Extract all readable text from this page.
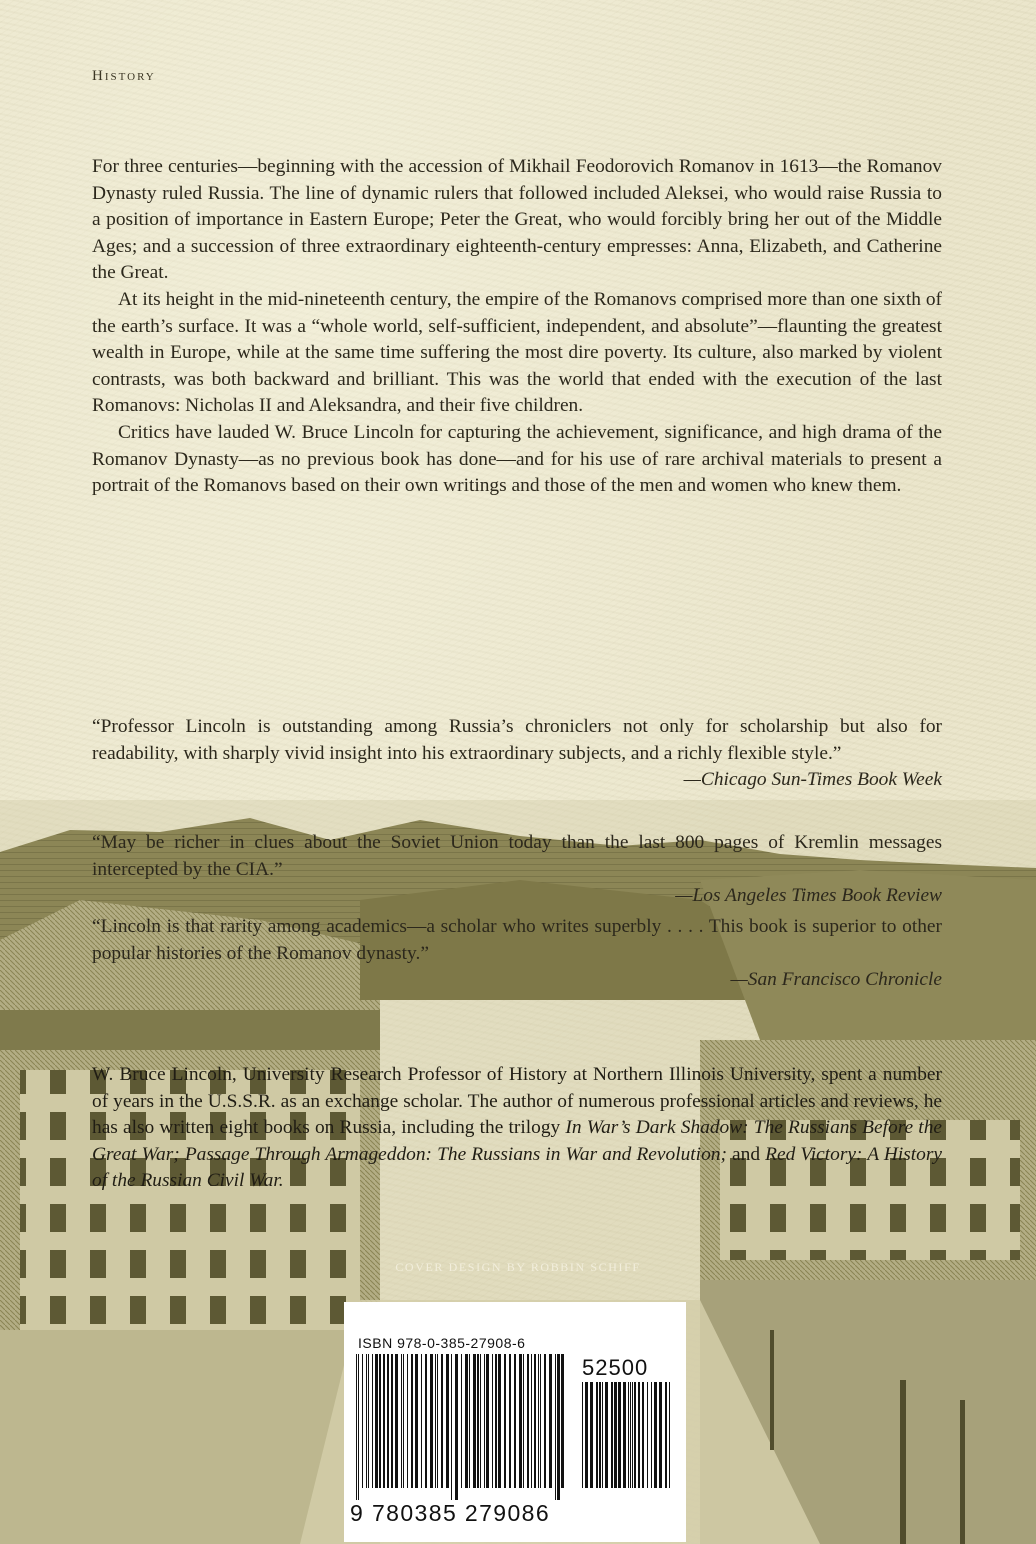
History

For three centuries—beginning with the accession of Mikhail Feodorovich Romanov in 1613—the Romanov Dynasty ruled Russia. The line of dynamic rulers that followed included Aleksei, who would raise Russia to a position of importance in Eastern Europe; Peter the Great, who would forcibly bring her out of the Middle Ages; and a succession of three extraordinary eighteenth-century empresses: Anna, Elizabeth, and Catherine the Great.

At its height in the mid-nineteenth century, the empire of the Romanovs comprised more than one sixth of the earth’s surface. It was a “whole world, self-sufficient, independent, and absolute”—flaunting the greatest wealth in Europe, while at the same time suffering the most dire poverty. Its culture, also marked by violent contrasts, was both backward and brilliant. This was the world that ended with the execution of the last Romanovs: Nicholas II and Aleksandra, and their five children.

Critics have lauded W. Bruce Lincoln for capturing the achievement, significance, and high drama of the Romanov Dynasty—as no previous book has done—and for his use of rare archival materials to present a portrait of the Romanovs based on their own writings and those of the men and women who knew them.

“Professor Lincoln is outstanding among Russia’s chroniclers not only for scholarship but also for readability, with sharply vivid insight into his extraordinary subjects, and a richly flexible style.”
—Chicago Sun-Times Book Week
“May be richer in clues about the Soviet Union today than the last 800 pages of Kremlin messages intercepted by the CIA.”
—Los Angeles Times Book Review
“Lincoln is that rarity among academics—a scholar who writes superbly . . . . This book is superior to other popular histories of the Romanov dynasty.”
—San Francisco Chronicle
W. Bruce Lincoln, University Research Professor of History at Northern Illinois University, spent a number of years in the U.S.S.R. as an exchange scholar. The author of numerous professional articles and reviews, he has also written eight books on Russia, including the trilogy In War’s Dark Shadow: The Russians Before the Great War; Passage Through Armageddon: The Russians in War and Revolution; and Red Victory: A History of the Russian Civil War.
COVER DESIGN BY ROBBIN SCHIFF
ISBN 978-0-385-27908-6
52500
9 780385 279086
